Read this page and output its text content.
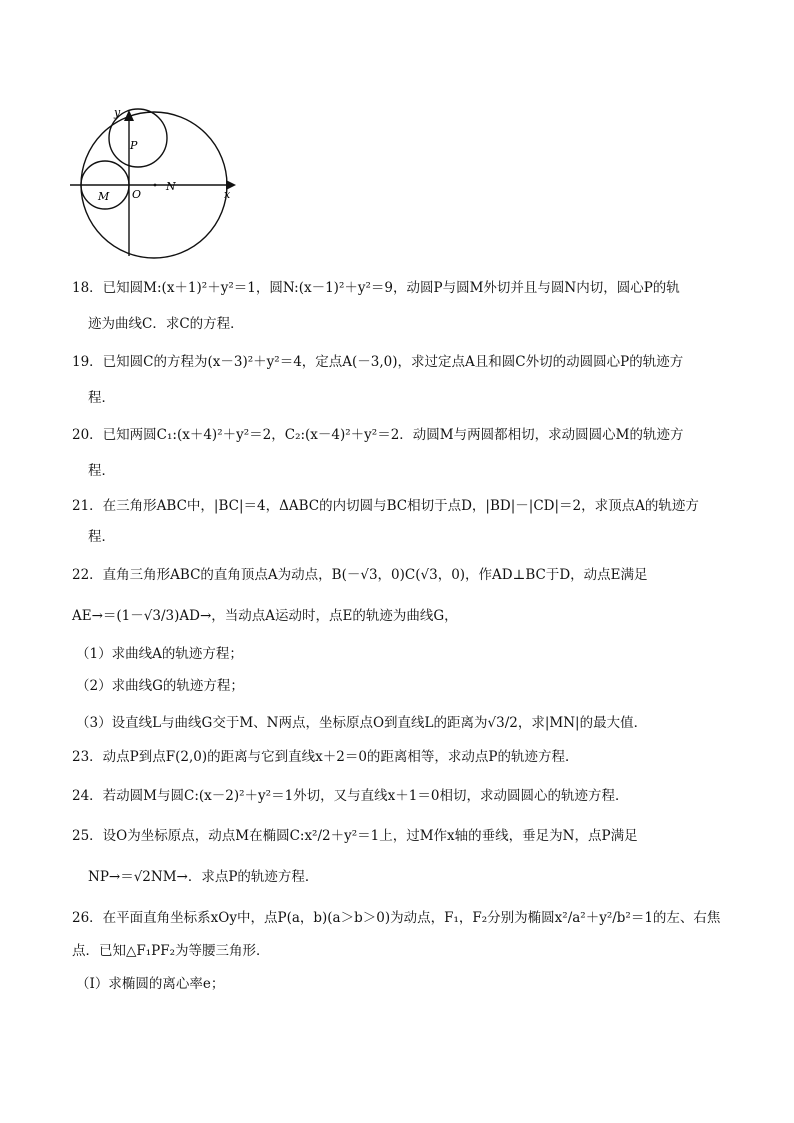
y
x
P
M O
N
18．已知圆M:(x＋1)²＋y²＝1，圆N:(x－1)²＋y²＝9，动圆P与圆M外切并且与圆N内切，圆心P的轨
迹为曲线C．求C的方程．
19．已知圆C的方程为(x－3)²＋y²＝4，定点A(－3,0)，求过定点A且和圆C外切的动圆圆心P的轨迹方
程．
20．已知两圆C₁:(x＋4)²＋y²＝2，C₂:(x－4)²＋y²＝2．动圆M与两圆都相切，求动圆圆心M的轨迹方
程．
21．在三角形ABC中，|BC|＝4，ΔABC的内切圆与BC相切于点D，|BD|－|CD|＝2，求顶点A的轨迹方
程．
22．直角三角形ABC的直角顶点A为动点，B(－√3，0)C(√3，0)，作AD⊥BC于D，动点E满足
AE→＝(1－√3/3)AD→，当动点A运动时，点E的轨迹为曲线G，
（1）求曲线A的轨迹方程；
（2）求曲线G的轨迹方程；
（3）设直线L与曲线G交于M、N两点，坐标原点O到直线L的距离为√3/2，求|MN|的最大值．
23．动点P到点F(2,0)的距离与它到直线x＋2＝0的距离相等，求动点P的轨迹方程．
24．若动圆M与圆C:(x－2)²＋y²＝1外切，又与直线x＋1＝0相切，求动圆圆心的轨迹方程．
25．设O为坐标原点，动点M在椭圆C:x²/2＋y²＝1上，过M作x轴的垂线，垂足为N，点P满足
NP→＝√2NM→．求点P的轨迹方程．
26．在平面直角坐标系xOy中，点P(a，b)(a＞b＞0)为动点，F₁，F₂分别为椭圆x²/a²＋y²/b²＝1的左、右焦
点．已知△F₁PF₂为等腰三角形．
（Ⅰ）求椭圆的离心率e；
